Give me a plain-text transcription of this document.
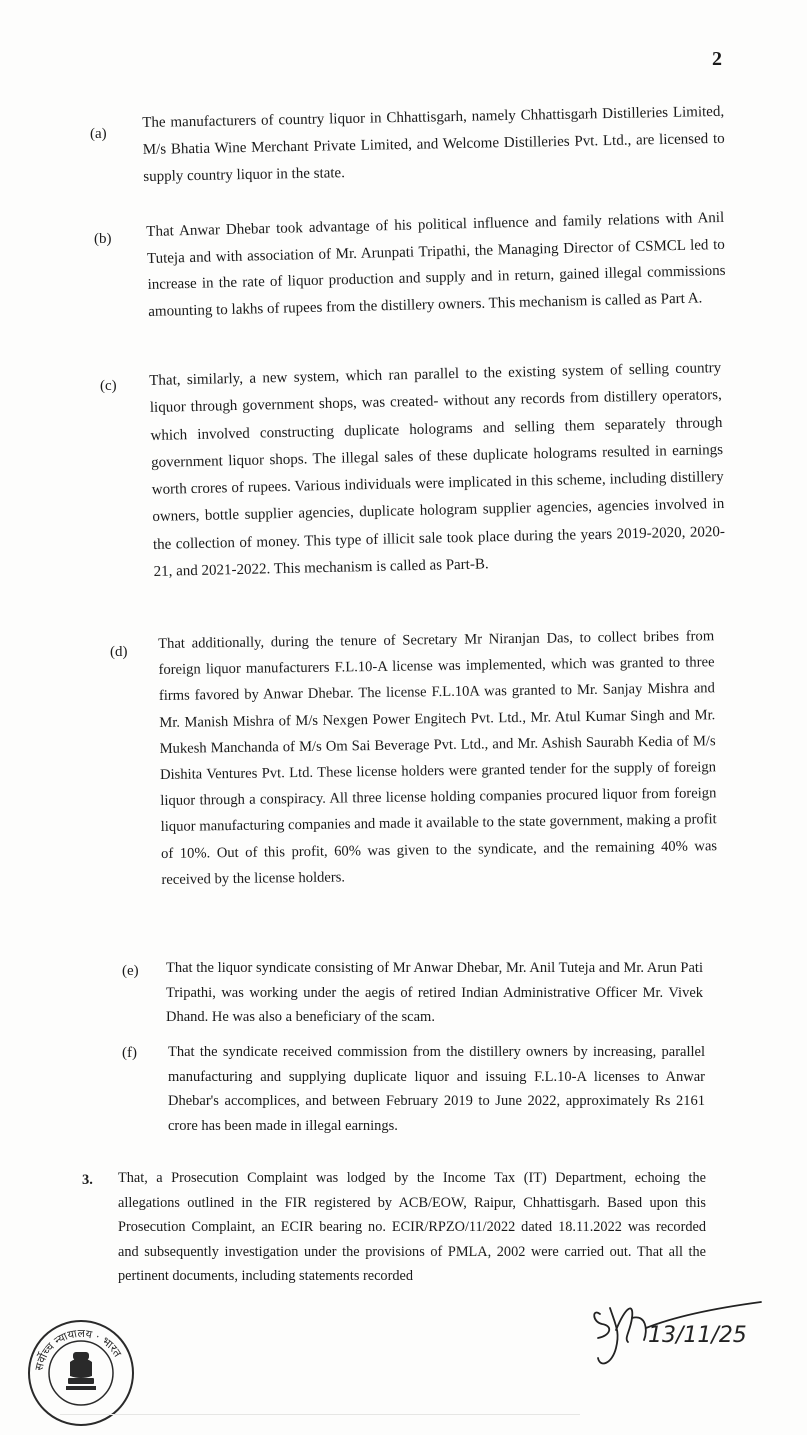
2
(a)
The manufacturers of country liquor in Chhattisgarh, namely Chhattisgarh Distilleries Limited, M/s Bhatia Wine Merchant Private Limited, and Welcome Distilleries Pvt. Ltd., are licensed to supply country liquor in the state.
(b) That Anwar Dhebar took advantage of his political influence and family relations with Anil Tuteja and with association of Mr. Arunpati Tripathi, the Managing Director of CSMCL led to increase in the rate of liquor production and supply and in return, gained illegal commissions amounting to lakhs of rupees from the distillery owners. This mechanism is called as Part A.
(c) That, similarly, a new system, which ran parallel to the existing system of selling country liquor through government shops, was created- without any records from distillery operators, which involved constructing duplicate holograms and selling them separately through government liquor shops. The illegal sales of these duplicate holograms resulted in earnings worth crores of rupees. Various individuals were implicated in this scheme, including distillery owners, bottle supplier agencies, duplicate hologram supplier agencies, agencies involved in the collection of money. This type of illicit sale took place during the years 2019-2020, 2020-21, and 2021-2022. This mechanism is called as Part-B.
(d)
That additionally, during the tenure of Secretary Mr Niranjan Das, to collect bribes from foreign liquor manufacturers F.L.10-A license was implemented, which was granted to three firms favored by Anwar Dhebar. The license F.L.10A was granted to Mr. Sanjay Mishra and Mr. Manish Mishra of M/s Nexgen Power Engitech Pvt. Ltd., Mr. Atul Kumar Singh and Mr. Mukesh Manchanda of M/s Om Sai Beverage Pvt. Ltd., and Mr. Ashish Saurabh Kedia of M/s Dishita Ventures Pvt. Ltd. These license holders were granted tender for the supply of foreign liquor through a conspiracy. All three license holding companies procured liquor from foreign liquor manufacturing companies and made it available to the state government, making a profit of 10%. Out of this profit, 60% was given to the syndicate, and the remaining 40% was received by the license holders.
(e) That the liquor syndicate consisting of Mr Anwar Dhebar, Mr. Anil Tuteja and Mr. Arun Pati Tripathi, was working under the aegis of retired Indian Administrative Officer Mr. Vivek Dhand. He was also a beneficiary of the scam.
(f) That the syndicate received commission from the distillery owners by increasing, parallel manufacturing and supplying duplicate liquor and issuing F.L.10-A licenses to Anwar Dhebar's accomplices, and between February 2019 to June 2022, approximately Rs 2161 crore has been made in illegal earnings.
3. That, a Prosecution Complaint was lodged by the Income Tax (IT) Department, echoing the allegations outlined in the FIR registered by ACB/EOW, Raipur, Chhattisgarh. Based upon this Prosecution Complaint, an ECIR bearing no. ECIR/RPZO/11/2022 dated 18.11.2022 was recorded and subsequently investigation under the provisions of PMLA, 2002 were carried out. That all the pertinent documents, including statements recorded
सर्वोच्च न्यायालय · भारत
13/11/25
